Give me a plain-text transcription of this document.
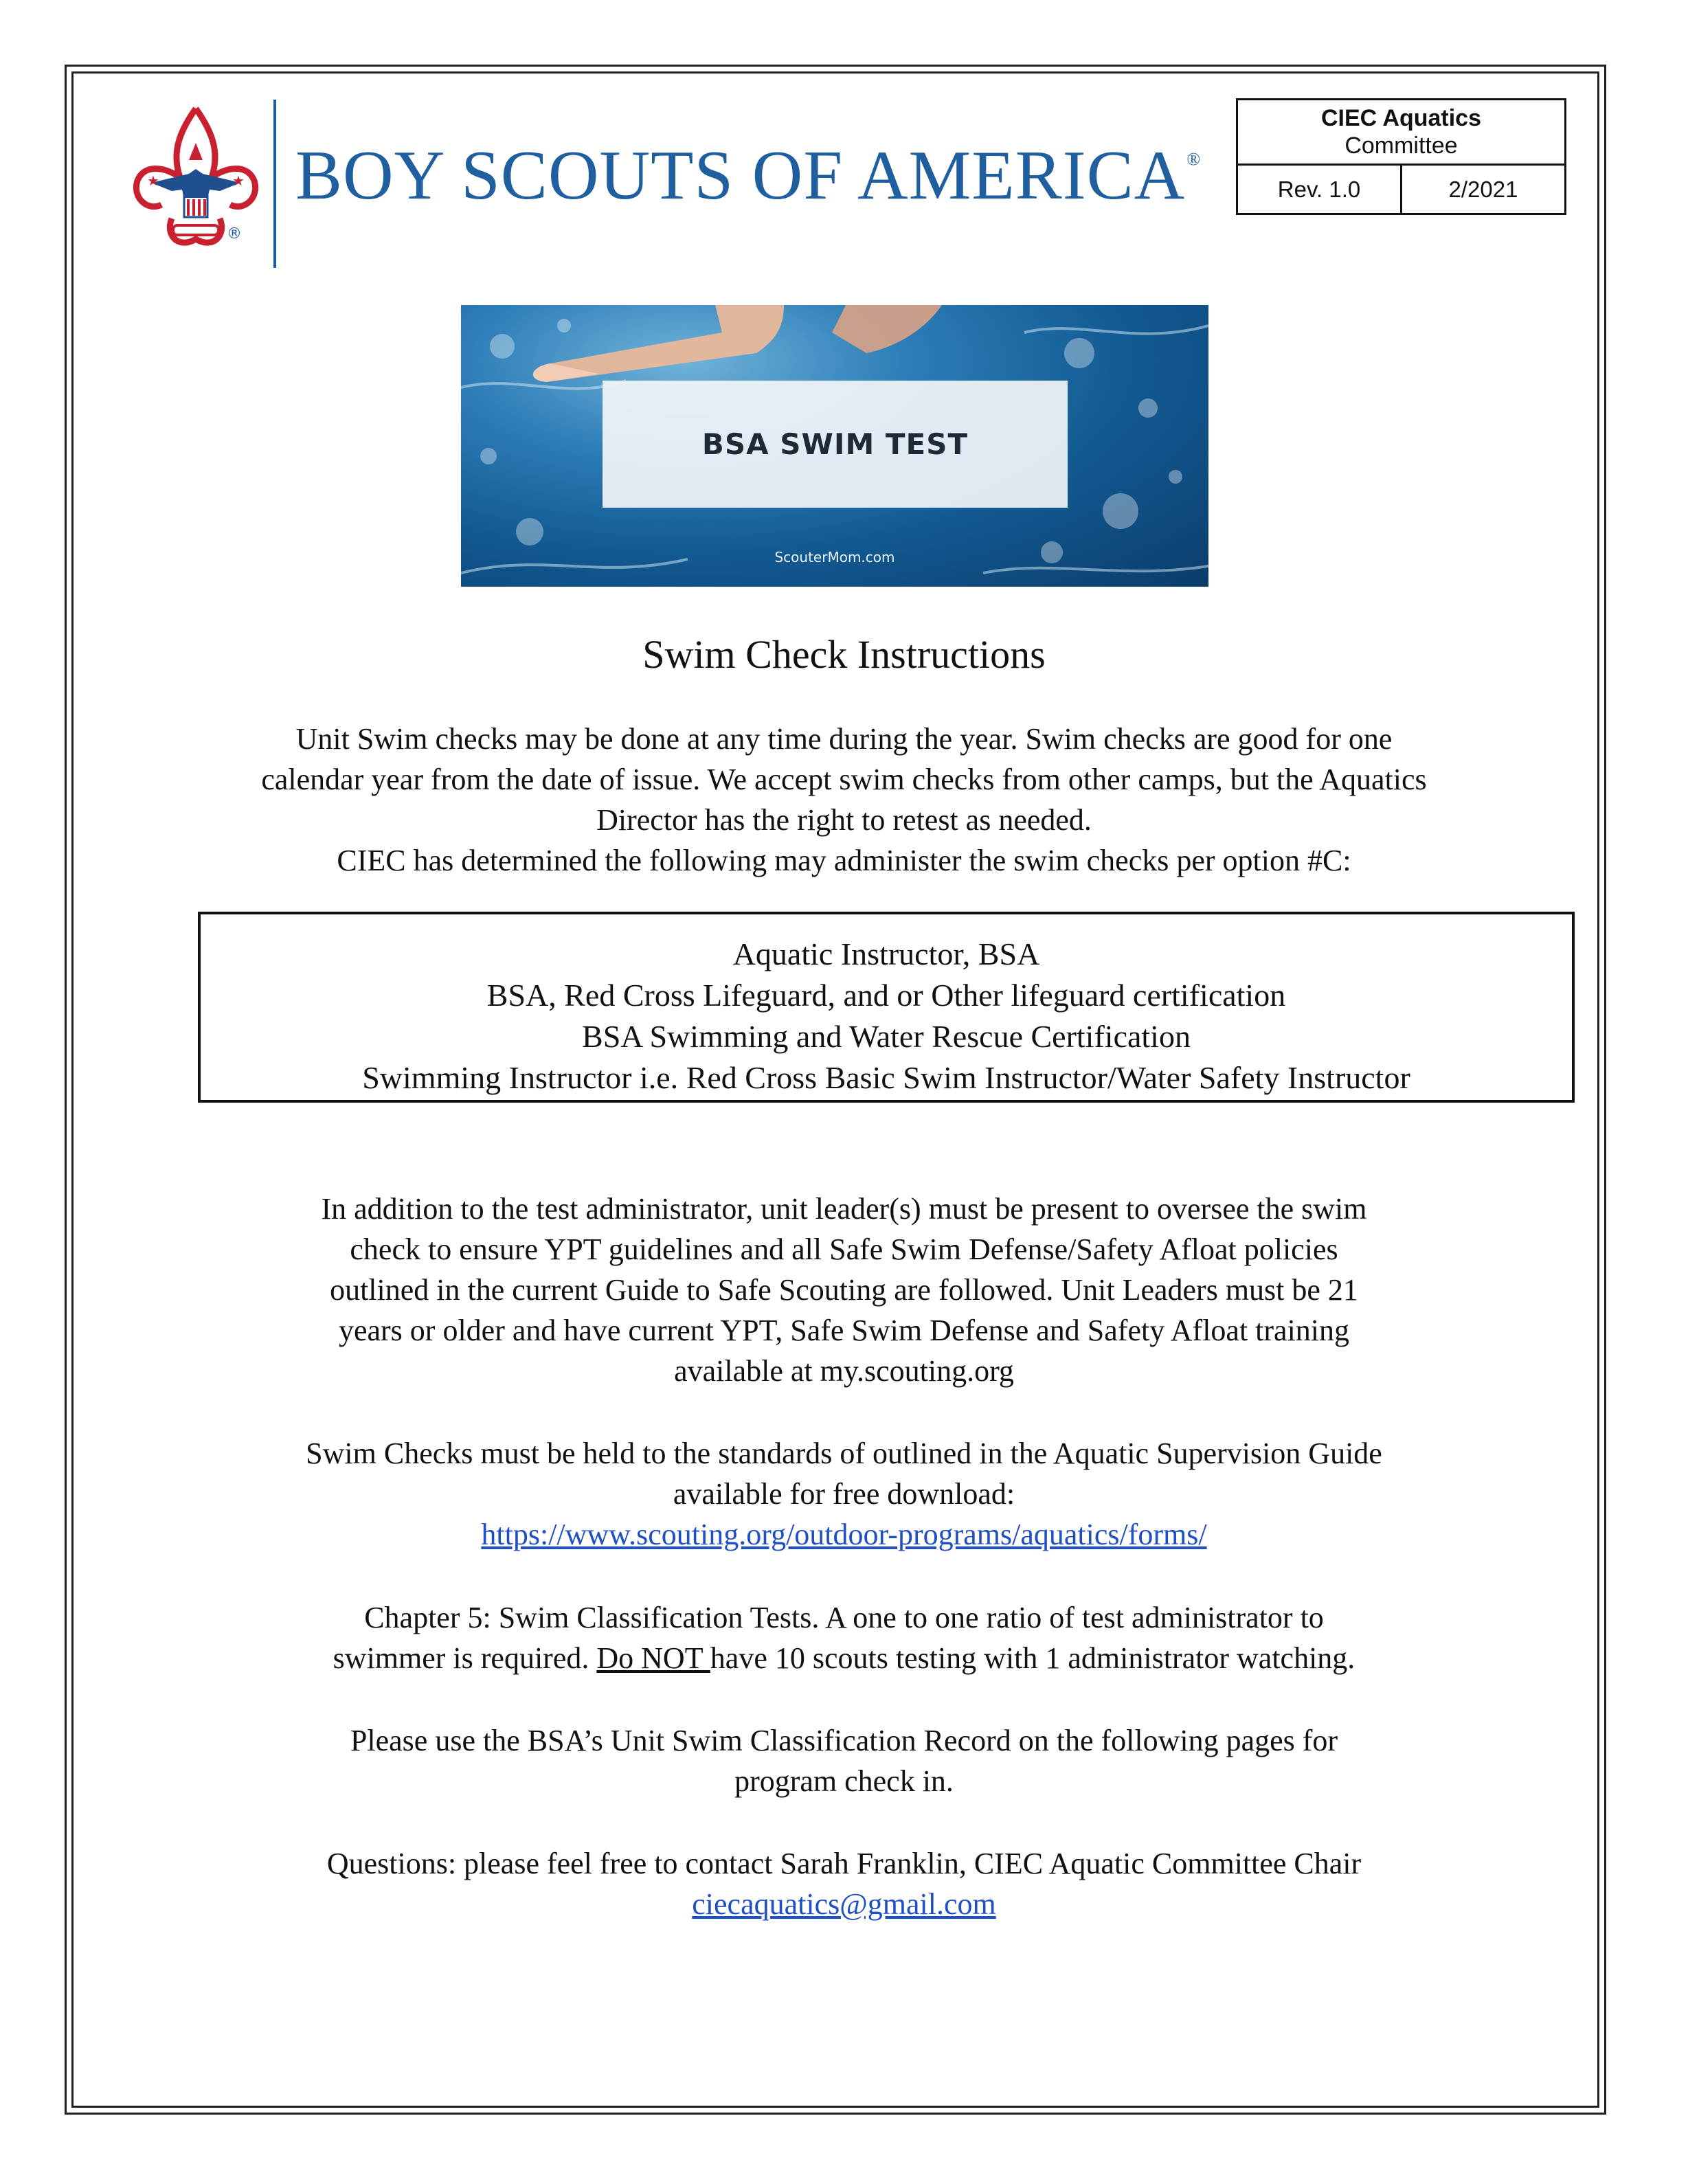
★	★
®
BOY SCOUTS OF AMERICA®
CIEC Aquatics
Committee
Rev. 1.0	2/2021
BSA SWIM TEST
ScouterMom.com
Swim Check Instructions
Unit Swim checks may be done at any time during the year. Swim checks are good for one
calendar year from the date of issue. We accept swim checks from other camps, but the Aquatics
Director has the right to retest as needed.
CIEC has determined the following may administer the swim checks per option #C:
Aquatic Instructor, BSA
BSA, Red Cross Lifeguard, and or Other lifeguard certification
BSA Swimming and Water Rescue Certification
Swimming Instructor i.e. Red Cross Basic Swim Instructor/Water Safety Instructor
In addition to the test administrator, unit leader(s) must be present to oversee the swim
check to ensure YPT guidelines and all Safe Swim Defense/Safety Afloat policies
outlined in the current Guide to Safe Scouting are followed. Unit Leaders must be 21
years or older and have current YPT, Safe Swim Defense and Safety Afloat training
available at my.scouting.org
Swim Checks must be held to the standards of outlined in the Aquatic Supervision Guide
available for free download:
https://www.scouting.org/outdoor-programs/aquatics/forms/
Chapter 5: Swim Classification Tests. A one to one ratio of test administrator to
swimmer is required. Do NOT have 10 scouts testing with 1 administrator watching.
Please use the BSA’s Unit Swim Classification Record on the following pages for
program check in.
Questions: please feel free to contact Sarah Franklin, CIEC Aquatic Committee Chair
ciecaquatics@gmail.com
